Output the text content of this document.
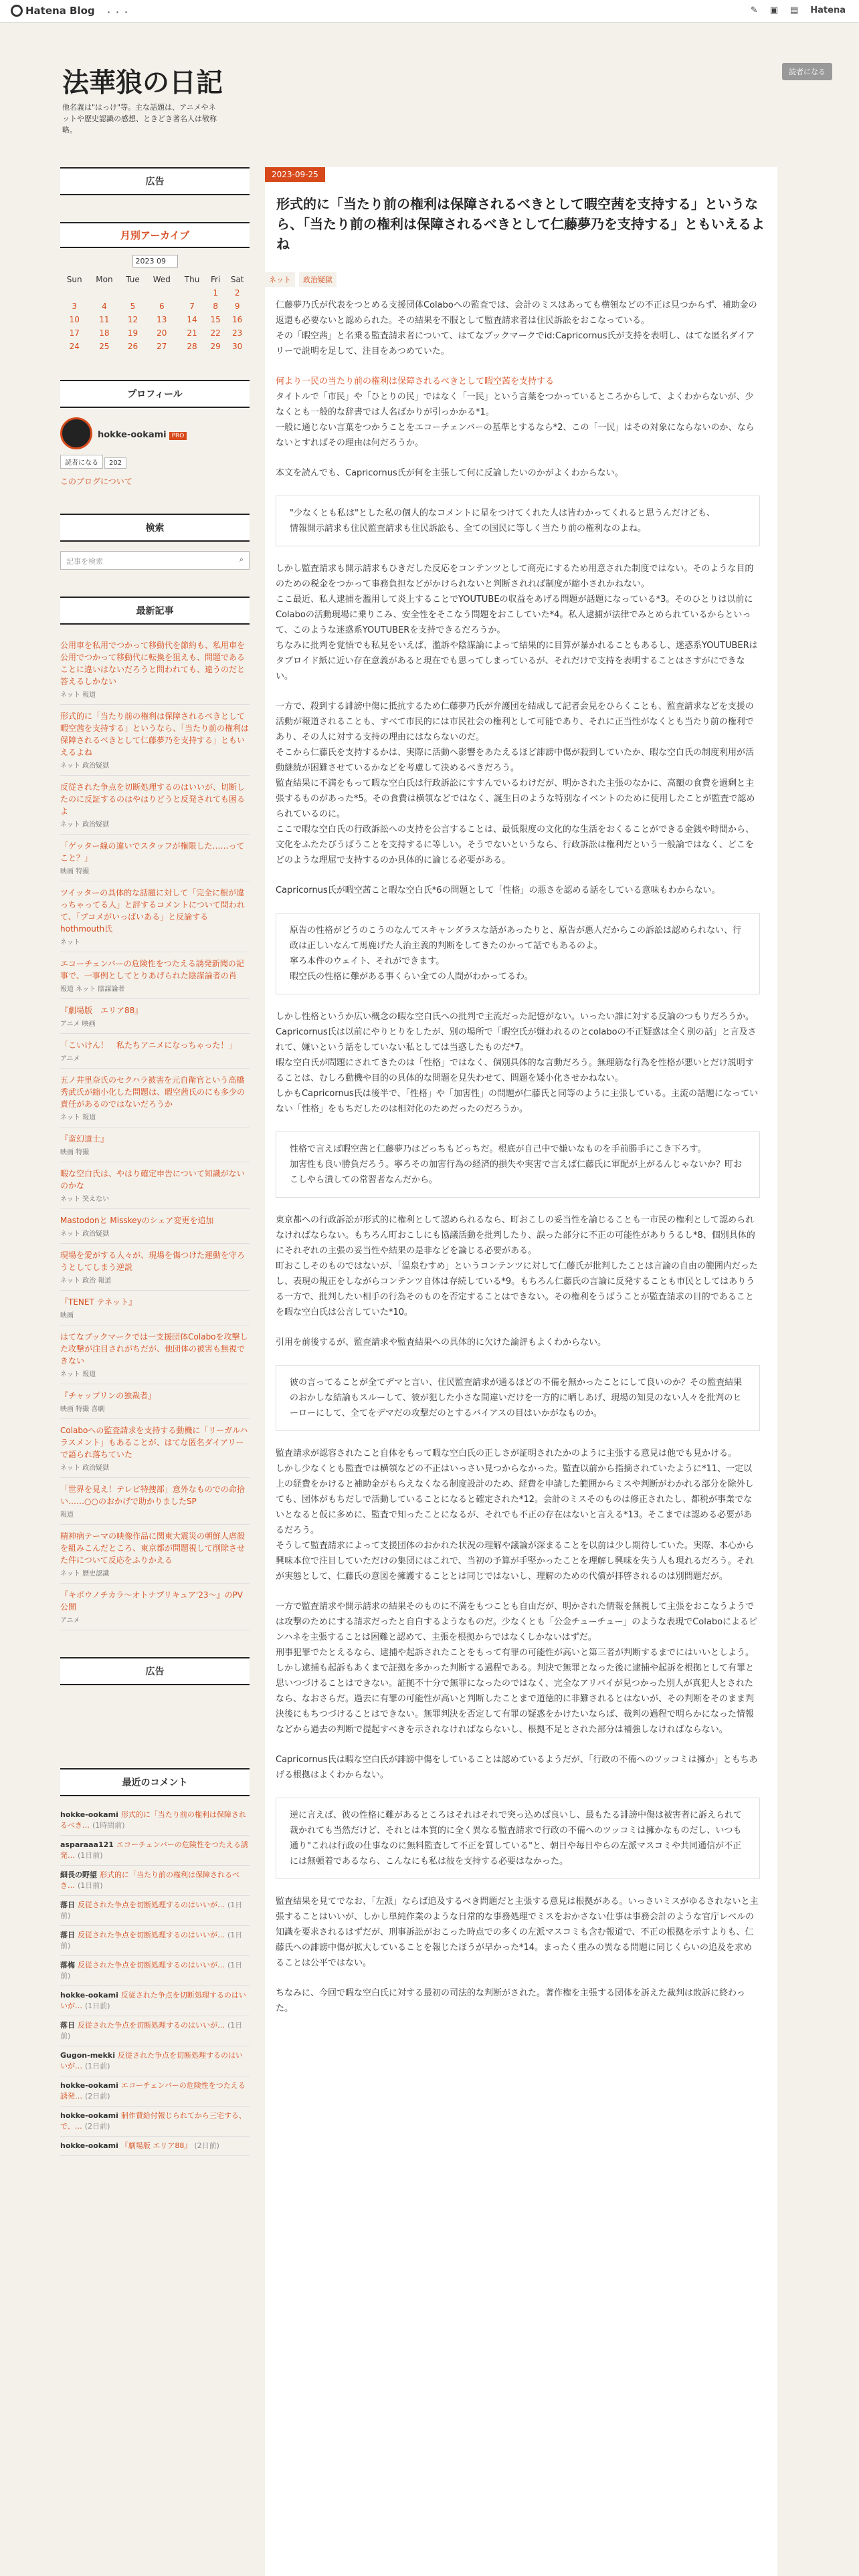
Hatena Blog ・・・	✎ ▣ ▤ Hatena
法華狼の日記
他名義は"はっけ"等。主な話題は、アニメやネットや歴史認識の感想、ときどき著名人は敬称略。
読者になる
広告
月別アーカイブ
2023 09
Sun	Mon	Tue	Wed	Thu	Fri	Sat
					1	2
3	4	5	6	7	8	9
10	11	12	13	14	15	16
17	18	19	20	21	22	23
24	25	26	27	28	29	30
プロフィール
hokke-ookami PRO
読者になる 202
このブログについて
検索
記事を検索	⌕
最新記事
公用車を私用でつかって移動代を節約も、私用車を公用でつかって移動代に転換を狙えも、問題であることに違いはないだろうと問われても、違うのだと答えるしかない
ネット 報道
形式的に「当たり前の権利は保障されるべきとして暇空茜を支持する」というなら、「当たり前の権利は保障されるべきとして仁藤夢乃を支持する」ともいえるよね
ネット 政治疑獄
反従された争点を切断処理するのはいいが、切断したのに反証するのはやはりどうと反発されても困るよ
ネット 政治疑獄
「ゲッター線の違いでスタッフが権限した……ってこと？」
映画 特撮
ツイッターの具体的な話題に対して「完全に根が違っちゃってる人」と評するコメントについて問われて、「ブコメがいっぱいある」と反論するhothmouth氏
ネット
エコーチェンバーの危険性をつたえる誘発新聞の記事で、一事例としてとりあげられた陰謀論者の肖
報道 ネット 陰謀論者
『劇場版　エリア88』
アニメ 映画
「こいけん！　私たちアニメになっちゃった！」
アニメ
五ノ井里奈氏のセクハラ被害を元自衛官という高橋秀武氏が縮小化した問題は、暇空茜氏のにも多少の責任があるのではないだろうか
ネット 報道
『蛮幻道士』
映画 特撮
暇な空白氏は、やはり確定申告について知識がないのかな
ネット 笑えない
Mastodonと Misskeyのシェア変更を追加
ネット 政治疑獄
現場を愛がする人々が、現場を傷つけた運動を守ろうとしてしまう逆説
ネット 政治 報道
『TENET テネット』
映画
はてなブックマークでは一支援団体Colaboを攻撃した攻撃が注目されがちだが、他団体の被害も無視できない
ネット 報道
『チャップリンの独裁者』
映画 特撮 喜劇
Colaboへの監査請求を支持する動機に「リーガルハラスメント」もあることが、はてな匿名ダイアリーで語られ落ちていた
ネット 政治疑獄
「世界を見え！テレビ特捜部」意外なものでの命拾い……○○のおかげで助かりましたSP
報道
精神病テーマの映像作品に関東大震災の朝鮮人虐殺を組みこんだところ、東京都が問題視して削除させた件について反応をふりかえる
ネット 歴史認識
『キボウノチカラ〜オトナプリキュア'23〜』のPV公開
アニメ
広告
最近のコメント
hokke-ookami 形式的に「当たり前の権利は保障されるべき… (1時間前)
asparaaa121 エコーチェンバーの危険性をつたえる誘発… (1日前)
細長の野望 形式的に「当たり前の権利は保障されるべき… (1日前)
落日 反従された争点を切断処理するのはいいが… (1日前)
落日 反従された争点を切断処理するのはいいが… (1日前)
落梅 反従された争点を切断処理するのはいいが… (1日前)
hokke-ookami 反従された争点を切断処理するのはいいが… (1日前)
落日 反従された争点を切断処理するのはいいが… (1日前)
Gugon-mekki 反従された争点を切断処理するのはいいが… (1日前)
hokke-ookami エコーチェンバーの危険性をつたえる誘発… (2日前)
hokke-ookami 制作費給付報じられてから三宅する、で、… (2日前)
hokke-ookami 『劇場版 エリア88』 (2日前)
2023-09-25
形式的に「当たり前の権利は保障されるべきとして暇空茜を支持する」というなら、「当たり前の権利は保障されるべきとして仁藤夢乃を支持する」ともいえるよね
ネット	政治疑獄

仁藤夢乃氏が代表をつとめる支援団体Colaboへの監査では、会計のミスはあっても横領などの不正は見つからず、補助金の返還も必要ないと認められた。その結果を不服として監査請求者は住民訴訟をおこなっている。
その「暇空茜」と名乗る監査請求者について、はてなブックマークでid:Capricornus氏が支持を表明し、はてな匿名ダイアリーで説明を足して、注目をあつめていた。

何より一民の当たり前の権利は保障されるべきとして暇空茜を支持する

タイトルで「市民」や「ひとりの民」ではなく「一民」という言葉をつかっているところからして、よくわからないが、少なくとも一般的な辞書では人名ばかりが引っかかる*1。
一般に通じない言葉をつかうことをエコーチェンバーの基準とするなら*2、この「一民」はその対象にならないのか、ならないとすればその理由は何だろうか。

本文を読んでも、Capricornus氏が何を主張して何に反論したいのかがよくわからない。

"少なくとも私は"とした私の個人的なコメントに星をつけてくれた人は皆わかってくれると思うんだけども、
情報開示請求も住民監査請求も住民訴訟も、全ての国民に等しく当たり前の権利なのよね。

しかし監査請求も開示請求もひきだした反応をコンテンツとして商売にするため用意された制度ではない。そのような目的のための税金をつかって事務負担などがかけられないと判断されれば制度が縮小されかねない。
ここ最近、私人逮捕を濫用して炎上することでYOUTUBEの収益をあげる問題が話題になっている*3。そのひとりは以前にColaboの活動現場に乗りこみ、安全性をそこなう問題をおこしていた*4。私人逮捕が法律でみとめられているからといって、このような迷惑系YOUTUBERを支持できるだろうか。
ちなみに批判を覚悟でも私見をいえば、濫訴や陰謀論によって結果的に目算が暴かれることもあるし、迷惑系YOUTUBERはタブロイド紙に近い存在意義があると現在でも思ってしまっているが、それだけで支持を表明することはさすがにできない。

一方で、殺到する誹謗中傷に抵抗するため仁藤夢乃氏が弁護団を結成して記者会見をひらくことも、監査請求などを支援の活動が報道されることも、すべて市民的には市民社会の権利として可能であり、それに正当性がなくとも当たり前の権利であり、その人に対する支持の理由にはならないのだ。
そこから仁藤氏を支持するかは、実際に活動へ影響をあたえるほど誹謗中傷が殺到していたか、暇な空白氏の制度利用が活動継続が困難させているかなどを考慮して決めるべきだろう。
監査結果に不満をもって暇な空白氏は行政訴訟にすすんでいるわけだが、明かされた主張のなかに、高額の食費を過剰と主張するものがあった*5。その食費は横領などではなく、誕生日のような特別なイベントのために使用したことが監査で認められているのに。
ここで暇な空白氏の行政訴訟への支持を公言することは、最低限度の文化的な生活をおくることができる金銭や時間から、文化をふたたびうばうことを支持するに等しい。そうでないというなら、行政訴訟は権利だという一般論ではなく、どこをどのような理屈で支持するのか具体的に論じる必要がある。

Capricornus氏が暇空茜こと暇な空白氏*6の問題として「性格」の悪さを認める話をしている意味もわからない。

原告の性格がどうのこうのなんてスキャンダラスな話があったりと、原告が悪人だからこの訴訟は認められない、行政は正しいなんて馬鹿げた人治主義的判断をしてきたのかって話でもあるのよ。
寧ろ本件のウェイト、それができます。
暇空氏の性格に難がある事くらい全ての人間がわかってるわ。

しかし性格というか広い概念の暇な空白氏への批判で主流だった記憶がない。いったい誰に対する反論のつもりだろうか。
Capricornus氏は以前にやりとりをしたが、別の場所で「暇空氏が嫌われるのとcolaboの不正疑惑は全く別の話」と言及されて、嫌いという話をしていない私としては当惑したものだ*7。
暇な空白氏が問題にされてきたのは「性格」ではなく、個別具体的な言動だろう。無理筋な行為を性格が悪いとだけ説明することは、むしろ動機や目的の具体的な問題を見失わせて、問題を矮小化させかねない。
しかもCapricornus氏は後半で、「性格」や「加害性」の問題が仁藤氏と同等のように主張している。主流の話題になっていない「性格」をもちだしたのは相対化のためだったのだろうか。

性格で言えば暇空茜と仁藤夢乃はどっちもどっちだ。根底が自己中で嫌いなものを手前勝手にこき下ろす。
加害性も良い勝負だろう。寧ろその加害行為の経済的損失や実害で言えば仁藤氏に軍配が上がるんじゃないか？町おこしやら潰しての常習者なんだから。

東京都への行政訴訟が形式的に権利として認められるなら、町おこしの妥当性を論じることも一市民の権利として認められなければならない。もちろん町おこしにも協議活動を批判したり、誤った部分に不正の可能性がありうるし*8、個別具体的にそれぞれの主張の妥当性や結果の是非などを論じる必要がある。
町おこしそのものではないが、「温泉むすめ」というコンテンツに対して仁藤氏が批判したことは言論の自由の範囲内だったし、表現の規正をしながらコンテンツ自体は存続している*9。もちろん仁藤氏の言論に反発することも市民としてはありうる一方で、批判したい相手の行為そのものを否定することはできない。その権利をうばうことが監査請求の目的であることを暇な空白氏は公言していた*10。

引用を前後するが、監査請求や監査結果への具体的に欠けた論評もよくわからない。

彼の言ってることが全てデマと言い、住民監査請求が通るほどの不備を無かったことにして良いのか？その監査結果のおかしな結論もスルーして、彼が犯した小さな間違いだけを一方的に晒しあげ、現場の知見のない人々を批判のヒーローにして、全てをデマだの攻撃だのとするバイアスの目はいかがなものか。

監査請求が認容されたこと自体をもって暇な空白氏の正しさが証明されたかのように主張する意見は他でも見かける。
しかし少なくとも監査では横領などの不正はいっさい見つからなかった。監査以前から指摘されていたように*11、一定以上の経費をかけると補助金がもらえなくなる制度設計のため、経費を申請した範囲からミスや判断がわかれる部分を除外しても、団体がもちだしで活動していることになると確定された*12。会計のミスそのものは修正されたし、都税が事業でないとなると仮に多めに、監査で知ったことになるが、それでも不正の存在はないと言える*13。そこまでは認める必要があるだろう。
そうして監査請求によって支援団体のおかれた状況の理解や議論が深まることを以前は少し期待していた。実際、本心から興味本位で注目していただけの集団にはこれで、当初の予算が手堅かったことを理解し興味を失う人も現れるだろう。それが実態として、仁藤氏の意図を擁護することとは同じではないし、理解のための代償が拝啓されるのは別問題だが。

一方で監査請求や開示請求の結果そのものに不満をもつことも自由だが、明かされた情報を無視して主張をおこなうようでは攻撃のためにする請求だったと自白するようなものだ。少なくとも「公金チューチュー」のような表現でColaboによるピンハネを主張することは困難と認めて、主張を根拠からではなくしかないはずだ。
刑事犯罪でたとえるなら、逮捕や起訴されたことをもって有罪の可能性が高いと第三者が判断するまでにはいいとしよう。しかし逮捕も起訴もあくまで証拠を多かった判断する過程である。判決で無罪となった後に逮捕や起訴を根拠として有罪と思いつづけることはできない。証拠不十分で無罪になったのではなく、完全なアリバイが見つかった別人が真犯人とされたなら、なおさらだ。過去に有罪の可能性が高いと判断したことまで道徳的に非難されるとはないが、その判断をそのまま判決後にもちつづけることはできない。無罪判決を否定して有罪の疑惑をかけたいならば、裁判の過程で明らかになった情報などから過去の判断で提起すべきを示されなければならないし、根拠不足とされた部分は補強しなければならない。

Capricornus氏は暇な空白氏が誹謗中傷をしていることは認めているようだが、「行政の不備へのツッコミは擁か」ともちあげる根拠はよくわからない。

逆に言えば、彼の性格に難があるところはそれはそれで突っ込めば良いし、最もたる誹謗中傷は被害者に訴えられて裁かれても当然だけど、それとは本質的に全く異なる監査請求で行政の不備へのツッコミは擁かなものだし、いつも通り"これは行政の仕事なのに無料監査して不正を質している"と、朝日や毎日やらの左派マスコミや共同通信が不正には無頓着であるなら、こんなにも私は彼を支持する必要はなかった。

監査結果を見てでなお、「左派」ならば追及するべき問題だと主張する意見は根拠がある。いっさいミスがゆるされないと主張することはいいが、しかし単純作業のような日常的な事務処理でミスをおかさない仕事は事務会計のような官庁レベルの知識を要求されるはずだが、刑事訴訟がおこった時点での多くの左派マスコミも含む報道で、不正の根拠を示すよりも、仁藤氏への誹謗中傷が拡大していることを報じたほうが早かった*14。まったく重みの異なる問題に同じくらいの追及を求めることは公平ではない。

ちなみに、今回で暇な空白氏に対する最初の司法的な判断がされた。著作権を主張する団体を訴えた裁判は敗訴に終わった。
